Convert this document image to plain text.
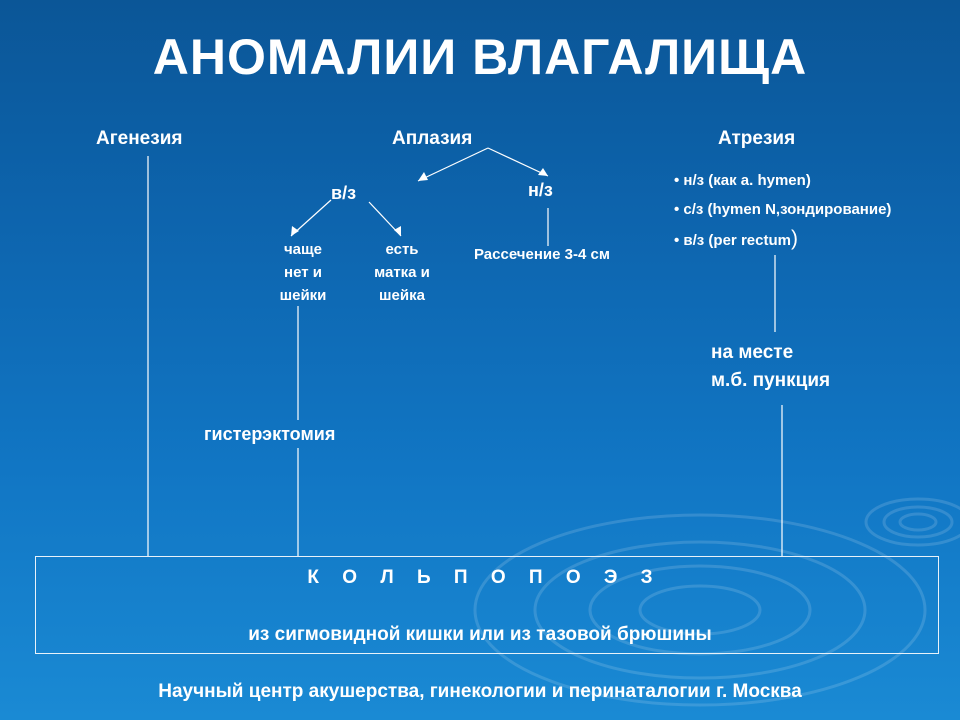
АНОМАЛИИ ВЛАГАЛИЩА
Агенезия	Аплазия	Атрезия
в/з	н/з
чаще
нет и
шейки
есть
матка и
шейка
Рассечение 3-4 см
• н/з (как а. hymen)
• с/з (hymen N,зондирование)
• в/з (per rectum)
на месте
м.б. пункция
гистерэктомия
К О Л Ь П О П О Э З
из сигмовидной кишки или из тазовой брюшины
Научный центр акушерства, гинекологии и перинаталогии г. Москва
